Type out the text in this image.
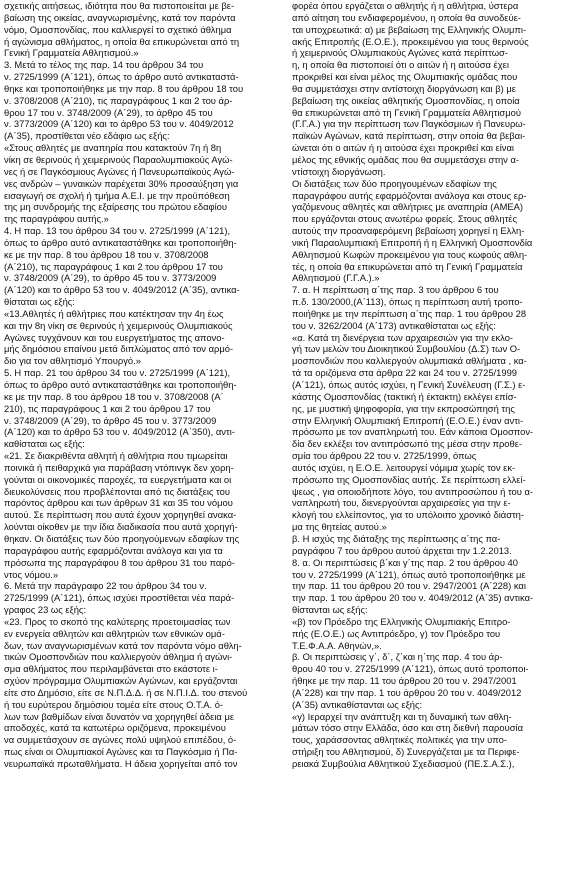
σχετικής αιτήσεως, ιδιότητα που θα πιστοποιείται με βε-
βαίωση της οικείας, αναγνωρισμένης, κατά τον παρόντα
νόμο, Ομοσπονδίας, που καλλιεργεί το σχετικό άθλημα
ή αγώνισμα αθλήματος, η οποία θα επικυρώνεται από τη
Γενική Γραμματεία Αθλητισμού.»

3. Μετά το τέλος της παρ. 14 του άρθρου 34 του
ν. 2725/1999 (Α΄121), όπως το άρθρο αυτό αντικαταστά-
θηκε και τροποποιήθηκε με την παρ. 8 του άρθρου 18 του
ν. 3708/2008 (Α΄210), τις παραγράφους 1 και 2 του άρ-
θρου 17 του ν. 3748/2009 (Α΄29), το άρθρο 45 του
ν. 3773/2009 (Α΄120) και το άρθρο 53 του ν. 4049/2012
(Α΄35), προστίθεται νέο εδάφιο ως εξής:

«Στους αθλητές με αναπηρία που κατακτούν 7η ή 8η
νίκη σε θερινούς ή χειμερινούς Παραολυμπιακούς Αγώ-
νες ή σε Παγκόσμιους Αγώνες ή Πανευρωπαϊκούς Αγώ-
νες ανδρών – γυναικών παρέχεται 30% προσαύξηση για
εισαγωγή σε σχολή ή τμήμα Α.Ε.Ι. με την προϋπόθεση
της μη συνδρομής της εξαίρεσης του πρώτου εδαφίου
της παραγράφου αυτής.»

4. Η παρ. 13 του άρθρου 34 του ν. 2725/1999 (Α΄121),
όπως το άρθρο αυτό αντικαταστάθηκε και τροποποιήθη-
κε με την παρ. 8 του άρθρου 18 του ν. 3708/2008
(Α΄210), τις παραγράφους 1 και 2 του άρθρου 17 του
ν. 3748/2009 (Α΄29), το άρθρο 45 του ν. 3773/2009
(Α΄120) και το άρθρο 53 του ν. 4049/2012 (Α΄35), αντικα-
θίσταται ως εξής:

«13.Αθλητές ή αθλήτριες που κατέκτησαν την 4η έως
και την 8η νίκη σε θερινούς ή χειμερινούς Ολυμπιακούς
Αγώνες τυγχάνουν και του ευεργετήματος της απονο-
μής δημόσιου επαίνου μετά διπλώματος από τον αρμό-
διο για τον αθλητισμό Υπουργό.»

5. Η παρ. 21 του άρθρου 34 του ν. 2725/1999 (Α΄121),
όπως το άρθρο αυτό αντικαταστάθηκε και τροποποιήθη-
κε με την παρ. 8 του άρθρου 18 του ν. 3708/2008 (Α΄
210), τις παραγράφους 1 και 2 του άρθρου 17 του
ν. 3748/2009 (Α΄29), το άρθρο 45 του ν. 3773/2009
(Α΄120) και το άρθρο 53 του ν. 4049/2012 (Α΄350), αντι-
καθίσταται ως εξής:

«21. Σε διακριθέντα αθλητή ή αθλήτρια που τιμωρείται
ποινικά ή πειθαρχικά για παράβαση ντόπινγκ δεν χορη-
γούνται οι οικονομικές παροχές, τα ευεργετήματα και οι
διευκολύνσεις που προβλέπονται από τις διατάξεις του
παρόντος άρθρου και των άρθρων 31 και 35 του νόμου
αυτού. Σε περίπτωση που αυτά έχουν χορηγηθεί ανακα-
λούνται οίκοθεν με την ίδια διαδικασία που αυτά χορηγή-
θηκαν. Οι διατάξεις των δύο προηγούμενων εδαφίων της
παραγράφου αυτής εφαρμόζονται ανάλογα και για τα
πρόσωπα της παραγράφου 8 του άρθρου 31 του παρό-
ντος νόμου.»

6. Μετά την παράγραφο 22 του άρθρου 34 του ν.
2725/1999 (Α΄121), όπως ισχύει προστίθεται νέα παρά-
γραφος 23 ως εξής:

«23. Προς το σκοπό της καλύτερης προετοιμασίας των
εν ενεργεία αθλητών και αθλητριών των εθνικών ομά-
δων, των αναγνωρισμένων κατά τον παρόντα νόμο αθλη-
τικών Ομοσπονδιών που καλλιεργούν άθλημα ή αγώνι-
σμα αθλήματος που περιλαμβάνεται στο εκάστοτε ι-
σχύον πρόγραμμα Ολυμπιακών Αγώνων, και εργάζονται
είτε στο Δημόσιο, είτε σε Ν.Π.Δ.Δ. ή σε Ν.Π.Ι.Δ. του στενού
ή του ευρύτερου δημόσιου τομέα είτε στους Ο.Τ.Α. ό-
λων των βαθμίδων είναι δυνατόν να χορηγηθεί άδεια με
αποδοχές, κατά τα κατωτέρω οριζόμενα, προκειμένου
να συμμετάσχουν σε αγώνες πολύ υψηλού επιπέδου, ό-
πως είναι οι Ολυμπιακοί Αγώνες και τα Παγκόσμια ή Πα-
νευρωπαϊκά πρωταθλήματα. Η άδεια χορηγείται από τον

φορέα όπου εργάζεται ο αθλητής ή η αθλήτρια, ύστερα
από αίτηση του ενδιαφερομένου, η οποία θα συνοδεύε-
ται υποχρεωτικά: α) με βεβαίωση της Ελληνικής Ολυμπι-
ακής Επιτροπής (Ε.Ο.Ε.), προκειμένου για τους θερινούς
ή χειμερινούς Ολυμπιακούς Αγώνες κατά περίπτωσ-
η, η οποία θα πιστοποιεί ότι ο αιτών ή η αιτούσα έχει
προκριθεί και είναι μέλος της Ολυμπιακής ομάδας που
θα συμμετάσχει στην αντίστοιχη διοργάνωση και β) με
βεβαίωση της οικείας αθλητικής Ομοσπονδίας, η οποία
θα επικυρώνεται από τη Γενική Γραμματεία Αθλητισμού
(Γ.Γ.Α.) για την περίπτωση των Παγκόσμιων ή Πανευρω-
παϊκών Αγώνων, κατά περίπτωση, στην οποία θα βεβαι-
ώνεται ότι ο αιτών ή η αιτούσα έχει προκριθεί και είναι
μέλος της εθνικής ομάδας που θα συμμετάσχει στην α-
ντίστοιχη διοργάνωση.

Οι διατάξεις των δύο προηγουμένων εδαφίων της
παραγράφου αυτής εφαρμόζονται ανάλογα και στους ερ-
γαζόμενους αθλητές και αθλήτριες με αναπηρία (ΑΜΕΑ)
που εργάζονται στους ανωτέρω φορείς. Στους αθλητές
αυτούς την προαναφερόμενη βεβαίωση χορηγεί η Ελλη-
νική Παραολυμπιακή Επιτροπή ή η Ελληνική Ομοσπονδία
Αθλητισμού Κωφών προκειμένου για τους κωφούς αθλη-
τές, η οποία θα επικυρώνεται από τη Γενική Γραμματεία
Αθλητισμού (Γ.Γ.Α.).»

7. α. Η περίπτωση α΄της παρ. 3 του άρθρου 6 του
π.δ. 130/2000,(Α΄113), όπως η περίπτωση αυτή τροπο-
ποιήθηκε με την περίπτωση α΄της παρ. 1 του άρθρου 28
του ν. 3262/2004 (Α΄173) αντικαθίσταται ως εξής:

«α. Κατά τη διενέργεια των αρχαιρεσιών για την εκλο-
γή των μελών του Διοικητικού Συμβουλίου (Δ.Σ) των Ο-
μοσπονδιών που καλλιεργούν ολυμπιακά αθλήματα , κα-
τά τα οριζόμενα στα άρθρα 22 και 24 του ν. 2725/1999
(Α΄121), όπως αυτός ισχύει, η Γενική Συνέλευση (Γ.Σ.) ε-
κάστης Ομοσπονδίας (τακτική ή έκτακτη) εκλέγει επίσ-
ης, με μυστική ψηφοφορία, για την εκπροσώπησή της
στην Ελληνική Ολυμπιακή Επιτροπή (Ε.Ο.Ε.) έναν αντι-
πρόσωπο με τον αναπληρωτή του. Εάν κάποια Ομοσπον-
δία δεν εκλέξει τον αντιπρόσωπό της μέσα στην προθε-
σμία του άρθρου 22 του ν. 2725/1999, όπως
αυτός ισχύει, η Ε.Ο.Ε. λειτουργεί νόμιμα χωρίς τον εκ-
πρόσωπο της Ομοσπονδίας αυτής. Σε περίπτωση ελλεί-
ψεως , για οποιοδήποτε λόγο, του αντιπροσώπου ή του α-
ναπληρωτή του, διενεργούνται αρχαιρεσίες για την ε-
κλογή του ελλείποντος, για το υπόλοιπο χρονικό διάστη-
μα της θητείας αυτού.»

β. Η ισχύς της διάταξης της περίπτωσης α΄της πα-
ραγράφου 7 του άρθρου αυτού άρχεται την 1.2.2013.

8. α. Οι περιπτώσεις β΄και γ΄της παρ. 2 του άρθρου 40
του ν. 2725/1999 (Α΄121), όπως αυτό τροποποιήθηκε με
την παρ. 11 του άρθρου 20 του ν. 2947/2001 (Α΄228) και
την παρ. 1 του άρθρου 20 του ν. 4049/2012 (Α΄35) αντικα-
θίστανται ως εξής:

«β) τον Πρόεδρο της Ελληνικής Ολυμπιακής Επιτρο-
πής (Ε.Ο.Ε.) ως Αντιπρόεδρο, γ) τον Πρόεδρο του
Τ.Ε.Φ.Α.Α. Αθηνών,».

β. Οι περιπτώσεις γ΄, δ΄, ζ΄και η΄της παρ. 4 του άρ-
θρου 40 του ν. 2725/1999 (Α΄121), όπως αυτό τροποποι-
ήθηκε με την παρ. 11 του άρθρου 20 του ν. 2947/2001
(Α΄228) και την παρ. 1 του άρθρου 20 του ν. 4049/2012
(Α΄35) αντικαθίστανται ως εξής:

«γ) Ιεραρχεί την ανάπτυξη και τη δυναμική των αθλη-
μάτων τόσο στην Ελλάδα, όσο και στη διεθνή παρουσία
τους, χαράσσοντας αθλητικές πολιτικές για την υπο-
στήριξη του Αθλητισμού, δ) Συνεργάζεται με τα Περιφε-
ρειακά Συμβούλια Αθλητικού Σχεδιασμού (ΠΕ.Σ.Α.Σ.),
